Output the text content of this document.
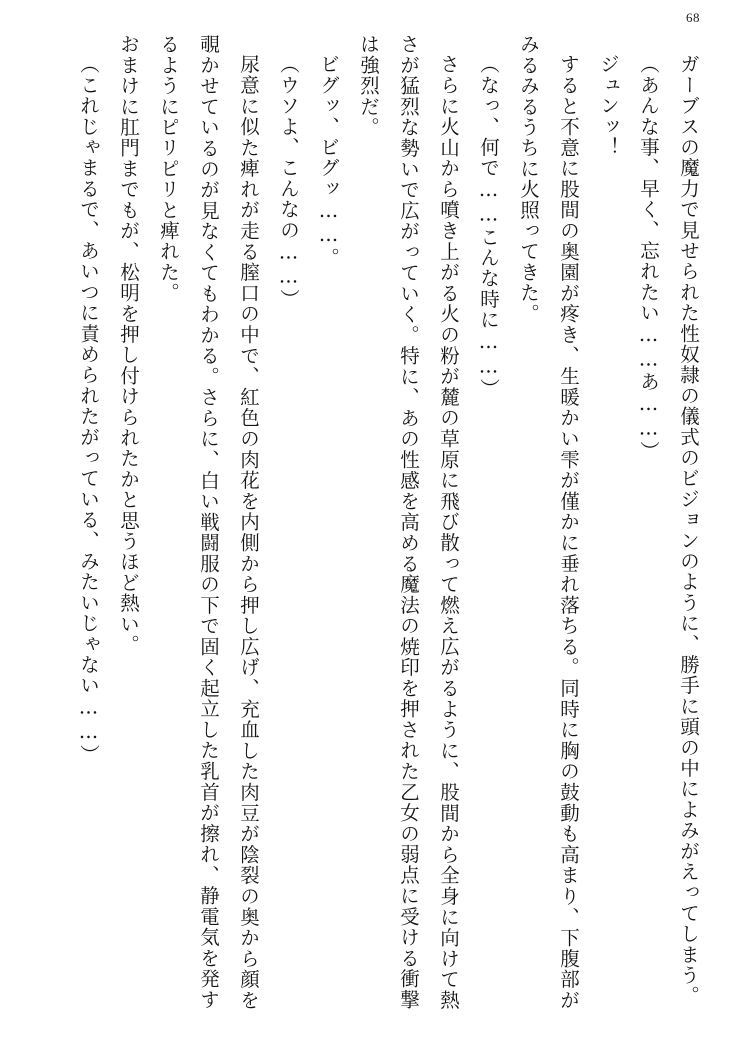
68
ガーブスの魔力で見せられた性奴隷の儀式のビジョンのように、勝手に頭の中によみがえってしまう。
（あんな事、早く、忘れたい……あ……）
ジュンッ！
すると不意に股間の奥園が疼き、生暖かい雫が僅かに垂れ落ちる。同時に胸の鼓動も高まり、下腹部がみるみるうちに火照ってきた。
（なっ、何で……こんな時に……）
さらに火山から噴き上がる火の粉が麓の草原に飛び散って燃え広がるように、股間から全身に向けて熱さが猛烈な勢いで広がっていく。特に、あの性感を高める魔法の焼印を押された乙女の弱点に受ける衝撃は強烈だ。
ビグッ、ビグッ……。
（ウソよ、こんなの……）
尿意に似た痺れが走る膣口の中で、紅色の肉花を内側から押し広げ、充血した肉豆が陰裂の奥から顔を覗かせているのが見なくてもわかる。さらに、白い戦闘服の下で固く起立した乳首が擦れ、静電気を発するようにピリピリと痺れた。
おまけに肛門までもが、松明を押し付けられたかと思うほど熱い。
（これじゃまるで、あいつに責められたがっている、みたいじゃない……）
